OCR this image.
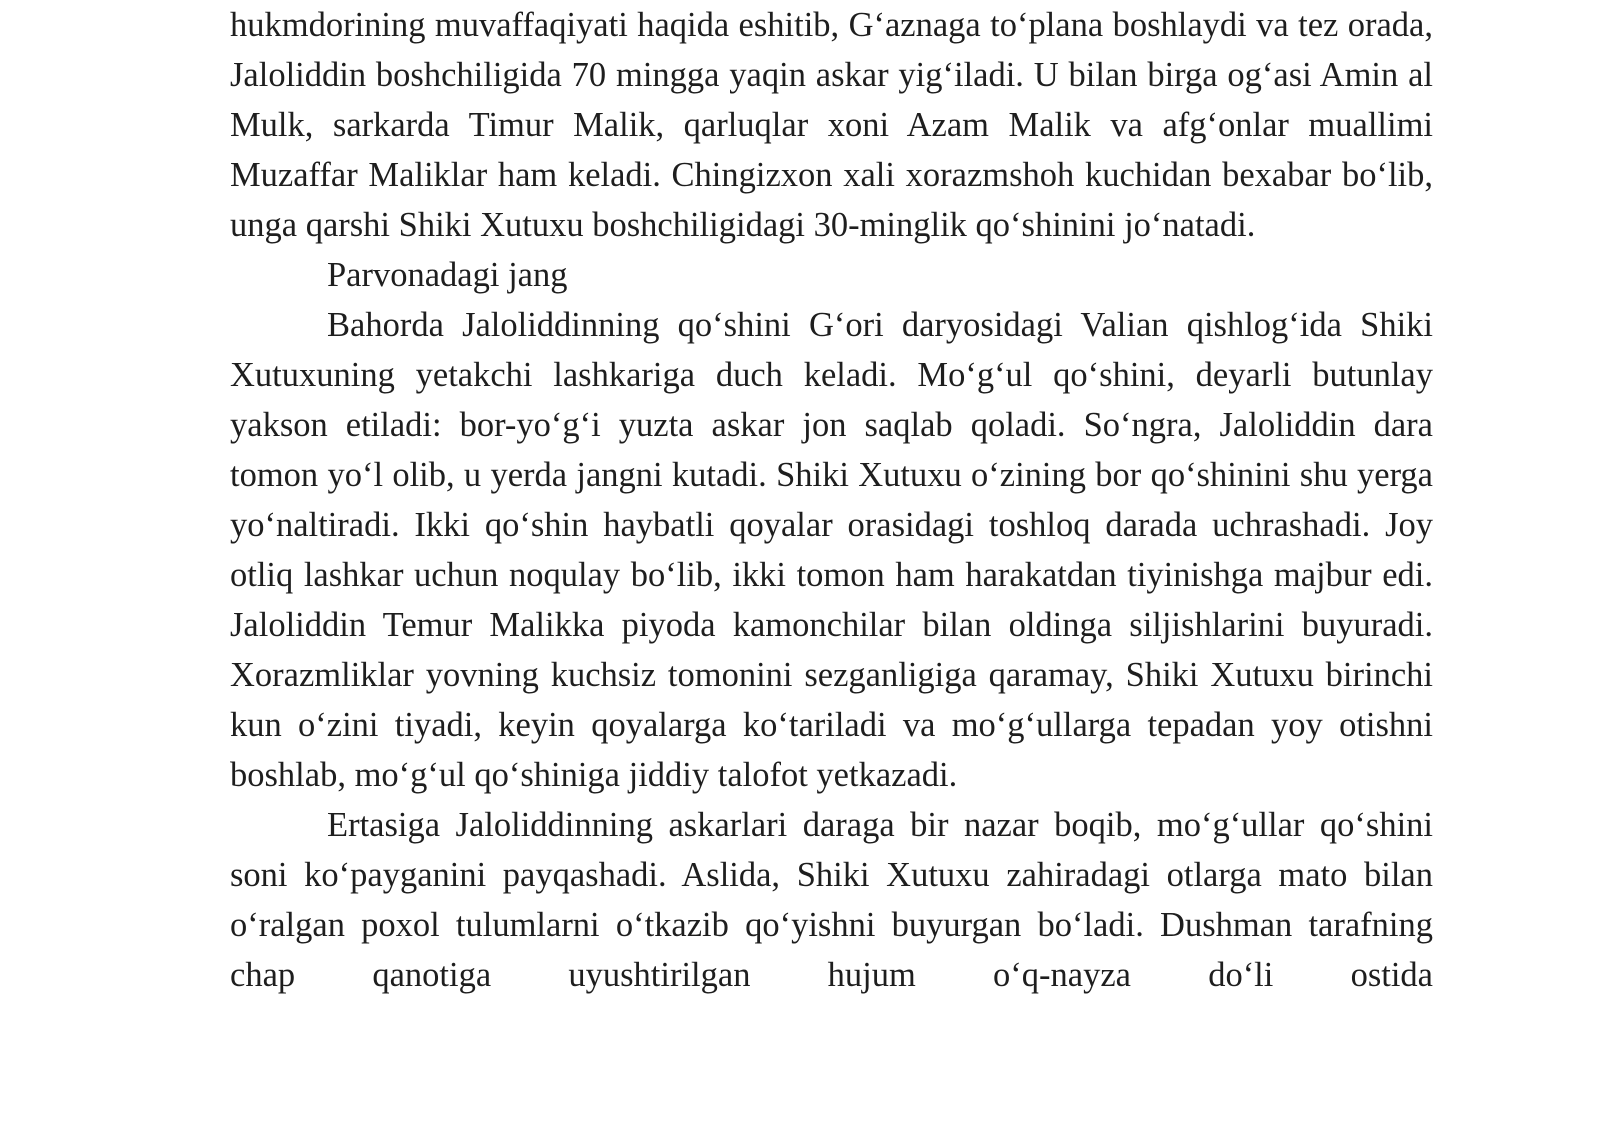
hukmdorining muvaffaqiyati haqida eshitib, G‘aznaga to‘plana boshlaydi va tez orada, Jaloliddin boshchiligida 70 mingga yaqin askar yig‘iladi. U bilan birga og‘asi Amin al Mulk, sarkarda Timur Malik, qarluqlar xoni Azam Malik va afg‘onlar muallimi Muzaffar Maliklar ham keladi. Chingizxon xali xorazmshoh kuchidan bexabar bo‘lib, unga qarshi Shiki Xutuxu boshchiligidagi 30-minglik qo‘shinini jo‘natadi.

Parvonadagi jang

Bahorda Jaloliddinning qo‘shini G‘ori daryosidagi Valian qishlog‘ida Shiki Xutuxuning yetakchi lashkariga duch keladi. Mo‘g‘ul qo‘shini, deyarli butunlay yakson etiladi: bor-yo‘g‘i yuzta askar jon saqlab qoladi. So‘ngra, Jaloliddin dara tomon yo‘l olib, u yerda jangni kutadi. Shiki Xutuxu o‘zining bor qo‘shinini shu yerga yo‘naltiradi. Ikki qo‘shin haybatli qoyalar orasidagi toshloq darada uchrashadi. Joy otliq lashkar uchun noqulay bo‘lib, ikki tomon ham harakatdan tiyinishga majbur edi. Jaloliddin Temur Malikka piyoda kamonchilar bilan oldinga siljishlarini buyuradi. Xorazmliklar yovning kuchsiz tomonini sezganligiga qaramay, Shiki Xutuxu birinchi kun o‘zini tiyadi, keyin qoyalarga ko‘tariladi va mo‘g‘ullarga tepadan yoy otishni boshlab, mo‘g‘ul qo‘shiniga jiddiy talofot yetkazadi.

Ertasiga Jaloliddinning askarlari daraga bir nazar boqib, mo‘g‘ullar qo‘shini soni ko‘payganini payqashadi. Aslida, Shiki Xutuxu zahiradagi otlarga mato bilan o‘ralgan poxol tulumlarni o‘tkazib qo‘yishni buyurgan bo‘ladi. Dushman tarafning chap qanotiga uyushtirilgan hujum o‘q-nayza do‘li ostida
